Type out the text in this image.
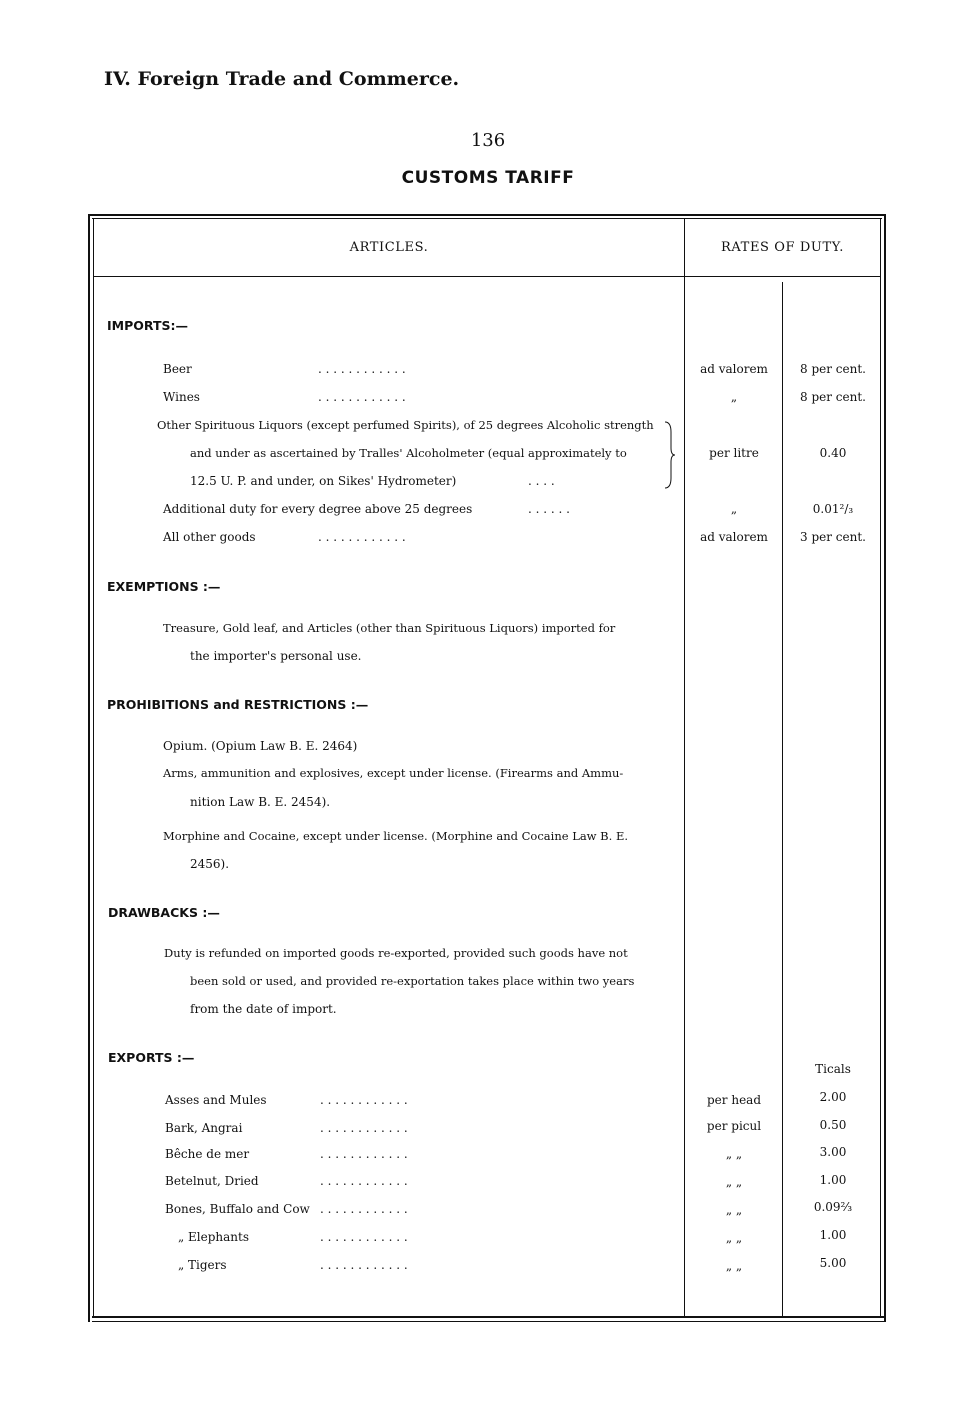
IV. Foreign Trade and Commerce.
136
CUSTOMS TARIFF
ARTICLES.	RATES OF DUTY.
IMPORTS:—
Beer	. . . . . . . . . . . .	ad valorem	8 per cent.
Wines	. . . . . . . . . . . .	„	8 per cent.
Other Spirituous Liquors (except perfumed Spirits), of 25 degrees Alcoholic strength
and under as ascertained by Tralles' Alcoholmeter (equal approximately to
12.5 U. P. and under, on Sikes' Hydrometer)	. . . .
per litre	0.40
Additional duty for every degree above 25 degrees	. . . . . .	„	0.01²/₃
All other goods	. . . . . . . . . . . .	ad valorem	3 per cent.
EXEMPTIONS :—
Treasure, Gold leaf, and Articles (other than Spirituous Liquors) imported for
the importer's personal use.
PROHIBITIONS and RESTRICTIONS :—
Opium. (Opium Law B. E. 2464)
Arms, ammunition and explosives, except under license. (Firearms and Ammu-
nition Law B. E. 2454).
Morphine and Cocaine, except under license. (Morphine and Cocaine Law B. E.
2456).
DRAWBACKS :—
Duty is refunded on imported goods re-exported, provided such goods have not
been sold or used, and provided re-exportation takes place within two years
from the date of import.
EXPORTS :—
Ticals
Asses and Mules	. . . . . . . . . . . .	per head	2.00
Bark, Angrai	. . . . . . . . . . . .	per picul	0.50
Bêche de mer	. . . . . . . . . . . .	„ „	3.00
Betelnut, Dried	. . . . . . . . . . . .	„ „	1.00
Bones, Buffalo and Cow . . . . . . . . . . . .	„ „	0.09⅔
„ Elephants	. . . . . . . . . . . .	„ „	1.00
„ Tigers	. . . . . . . . . . . .	„ „	5.00
